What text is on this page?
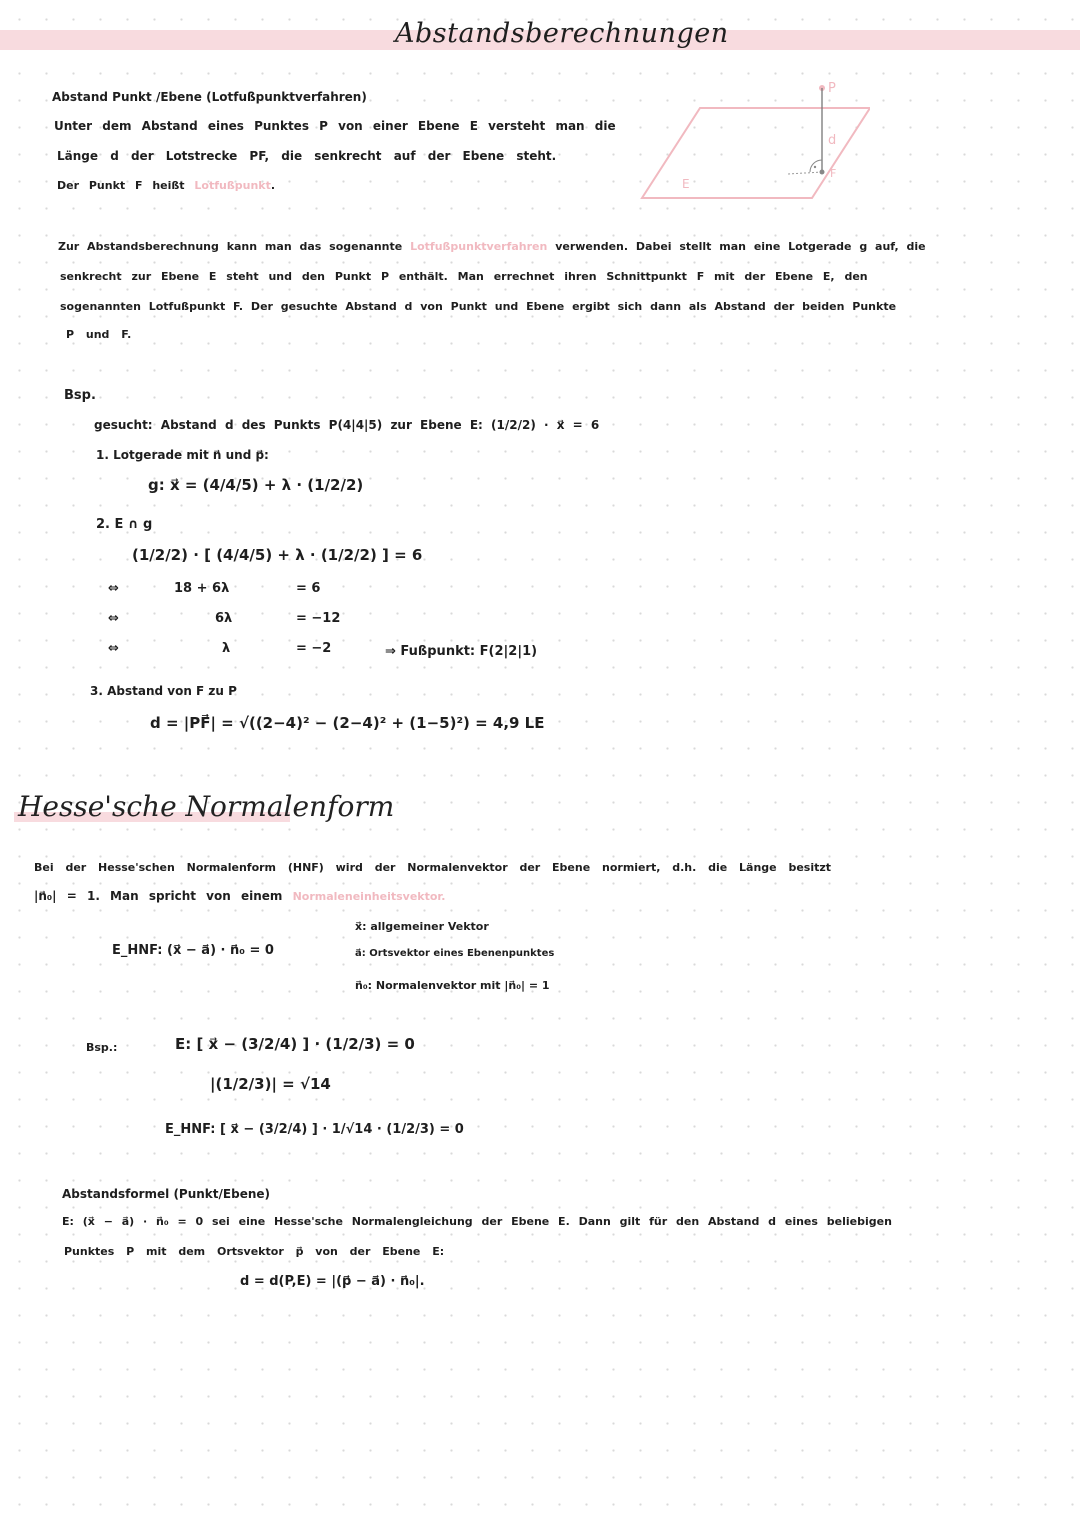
Abstandsberechnungen
Abstand Punkt /Ebene (Lotfußpunktverfahren)
Unter dem Abstand eines Punktes P von einer Ebene E versteht man die
Länge d der Lotstrecke PF, die senkrecht auf der Ebene steht.
Der Punkt F heißt Lotfußpunkt.
P
d
E
F
Zur Abstandsberechnung kann man das sogenannte Lotfußpunktverfahren verwenden. Dabei stellt man eine Lotgerade g auf, die
senkrecht zur Ebene E steht und den Punkt P enthält. Man errechnet ihren Schnittpunkt F mit der Ebene E, den
sogenannten Lotfußpunkt F. Der gesuchte Abstand d von Punkt und Ebene ergibt sich dann als Abstand der beiden Punkte
P und F.
Bsp.
gesucht: Abstand d des Punkts P(4|4|5) zur Ebene E: (1/2/2) · x⃗ = 6
1. Lotgerade mit n⃗ und p⃗:
g: x⃗ = (4/4/5) + λ · (1/2/2)
2. E ∩ g
(1/2/2) · [ (4/4/5) + λ · (1/2/2) ] = 6
⇔	18 + 6λ	= 6
⇔	6λ	= −12
⇔	λ	= −2	⇒ Fußpunkt: F(2|2|1)
3. Abstand von F zu P
d = |PF⃗| = √((2−4)² − (2−4)² + (1−5)²) = 4,9 LE
Hesse'sche Normalenform
Bei der Hesse'schen Normalenform (HNF) wird der Normalenvektor der Ebene normiert, d.h. die Länge besitzt
|n⃗₀| = 1. Man spricht von einem Normaleneinheitsvektor.
E_HNF: (x⃗ − a⃗) · n⃗₀ = 0
x⃗: allgemeiner Vektor
a⃗: Ortsvektor eines Ebenenpunktes
n⃗₀: Normalenvektor mit |n⃗₀| = 1
Bsp.:	E: [ x⃗ − (3/2/4) ] · (1/2/3) = 0
|(1/2/3)| = √14
E_HNF: [ x⃗ − (3/2/4) ] · 1/√14 · (1/2/3) = 0
Abstandsformel (Punkt/Ebene)
E: (x⃗ − a⃗) · n⃗₀ = 0 sei eine Hesse'sche Normalengleichung der Ebene E. Dann gilt für den Abstand d eines beliebigen
Punktes P mit dem Ortsvektor p⃗ von der Ebene E:
d = d(P,E) = |(p⃗ − a⃗) · n⃗₀|.
